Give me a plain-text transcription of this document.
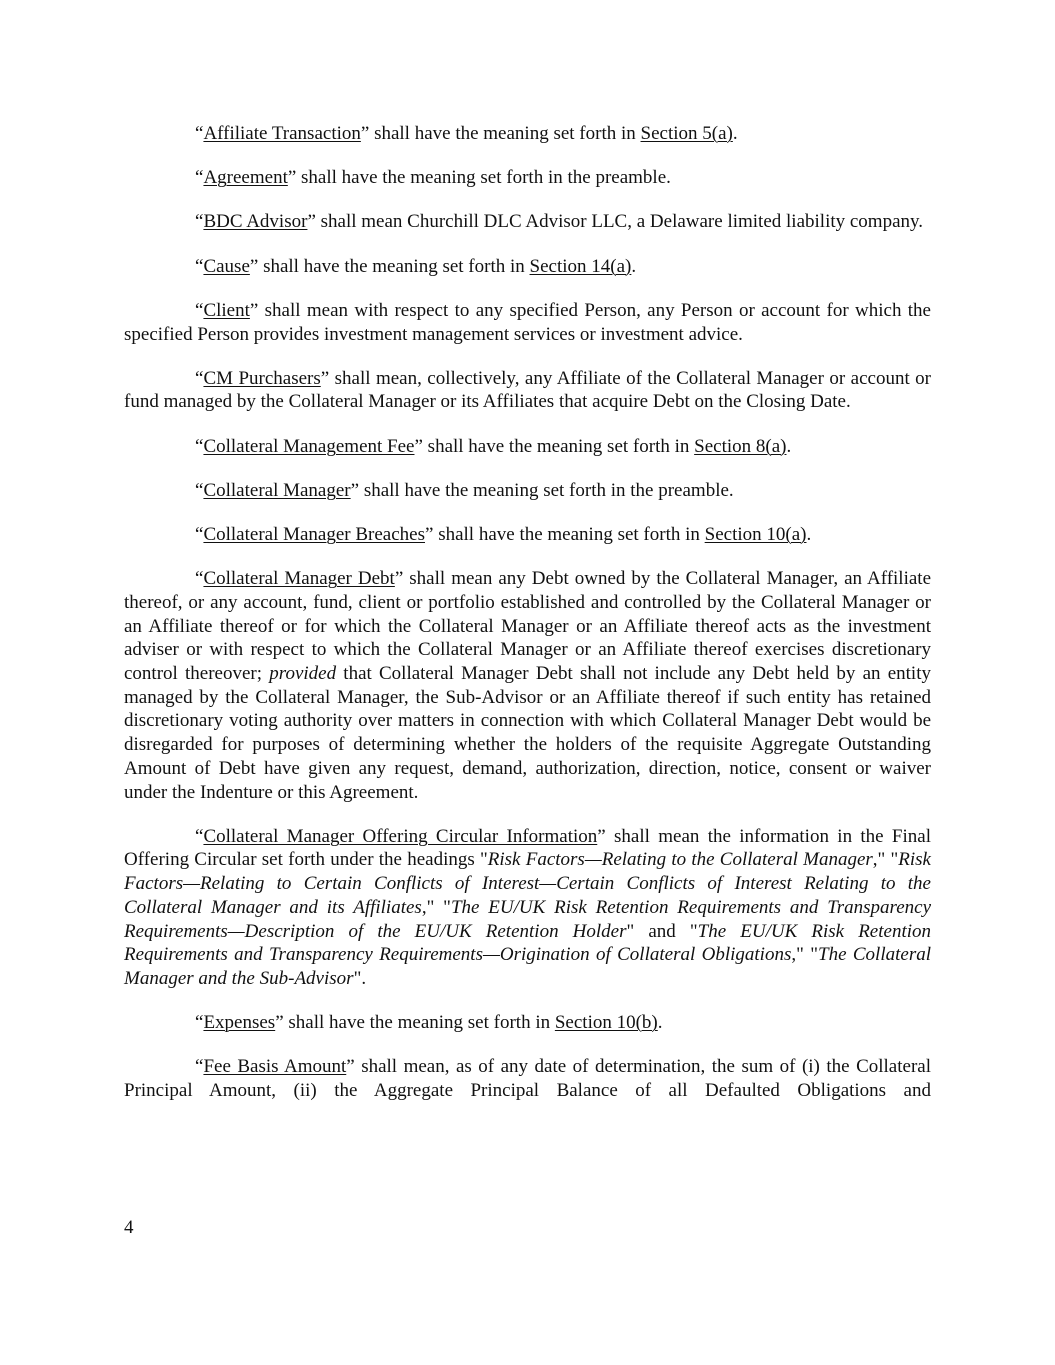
“Affiliate Transaction” shall have the meaning set forth in Section 5(a).

“Agreement” shall have the meaning set forth in the preamble.

“BDC Advisor” shall mean Churchill DLC Advisor LLC, a Delaware limited liability company.

“Cause” shall have the meaning set forth in Section 14(a).

“Client” shall mean with respect to any specified Person, any Person or account for which the specified Person provides investment management services or investment advice.

“CM Purchasers” shall mean, collectively, any Affiliate of the Collateral Manager or account or fund managed by the Collateral Manager or its Affiliates that acquire Debt on the Closing Date.

“Collateral Management Fee” shall have the meaning set forth in Section 8(a).

“Collateral Manager” shall have the meaning set forth in the preamble.

“Collateral Manager Breaches” shall have the meaning set forth in Section 10(a).

“Collateral Manager Debt” shall mean any Debt owned by the Collateral Manager, an Affiliate thereof, or any account, fund, client or portfolio established and controlled by the Collateral Manager or an Affiliate thereof or for which the Collateral Manager or an Affiliate thereof acts as the investment adviser or with respect to which the Collateral Manager or an Affiliate thereof exercises discretionary control thereover; provided that Collateral Manager Debt shall not include any Debt held by an entity managed by the Collateral Manager, the Sub-Advisor or an Affiliate thereof if such entity has retained discretionary voting authority over matters in connection with which Collateral Manager Debt would be disregarded for purposes of determining whether the holders of the requisite Aggregate Outstanding Amount of Debt have given any request, demand, authorization, direction, notice, consent or waiver under the Indenture or this Agreement.

“Collateral Manager Offering Circular Information” shall mean the information in the Final Offering Circular set forth under the headings "Risk Factors—Relating to the Collateral Manager," "Risk Factors—Relating to Certain Conflicts of Interest—Certain Conflicts of Interest Relating to the Collateral Manager and its Affiliates," "The EU/UK Risk Retention Requirements and Transparency Requirements—Description of the EU/UK Retention Holder" and "The EU/UK Risk Retention Requirements and Transparency Requirements—Origination of Collateral Obligations," "The Collateral Manager and the Sub-Advisor".

“Expenses” shall have the meaning set forth in Section 10(b).

“Fee Basis Amount” shall mean, as of any date of determination, the sum of (i) the Collateral Principal Amount, (ii) the Aggregate Principal Balance of all Defaulted Obligations and

4
